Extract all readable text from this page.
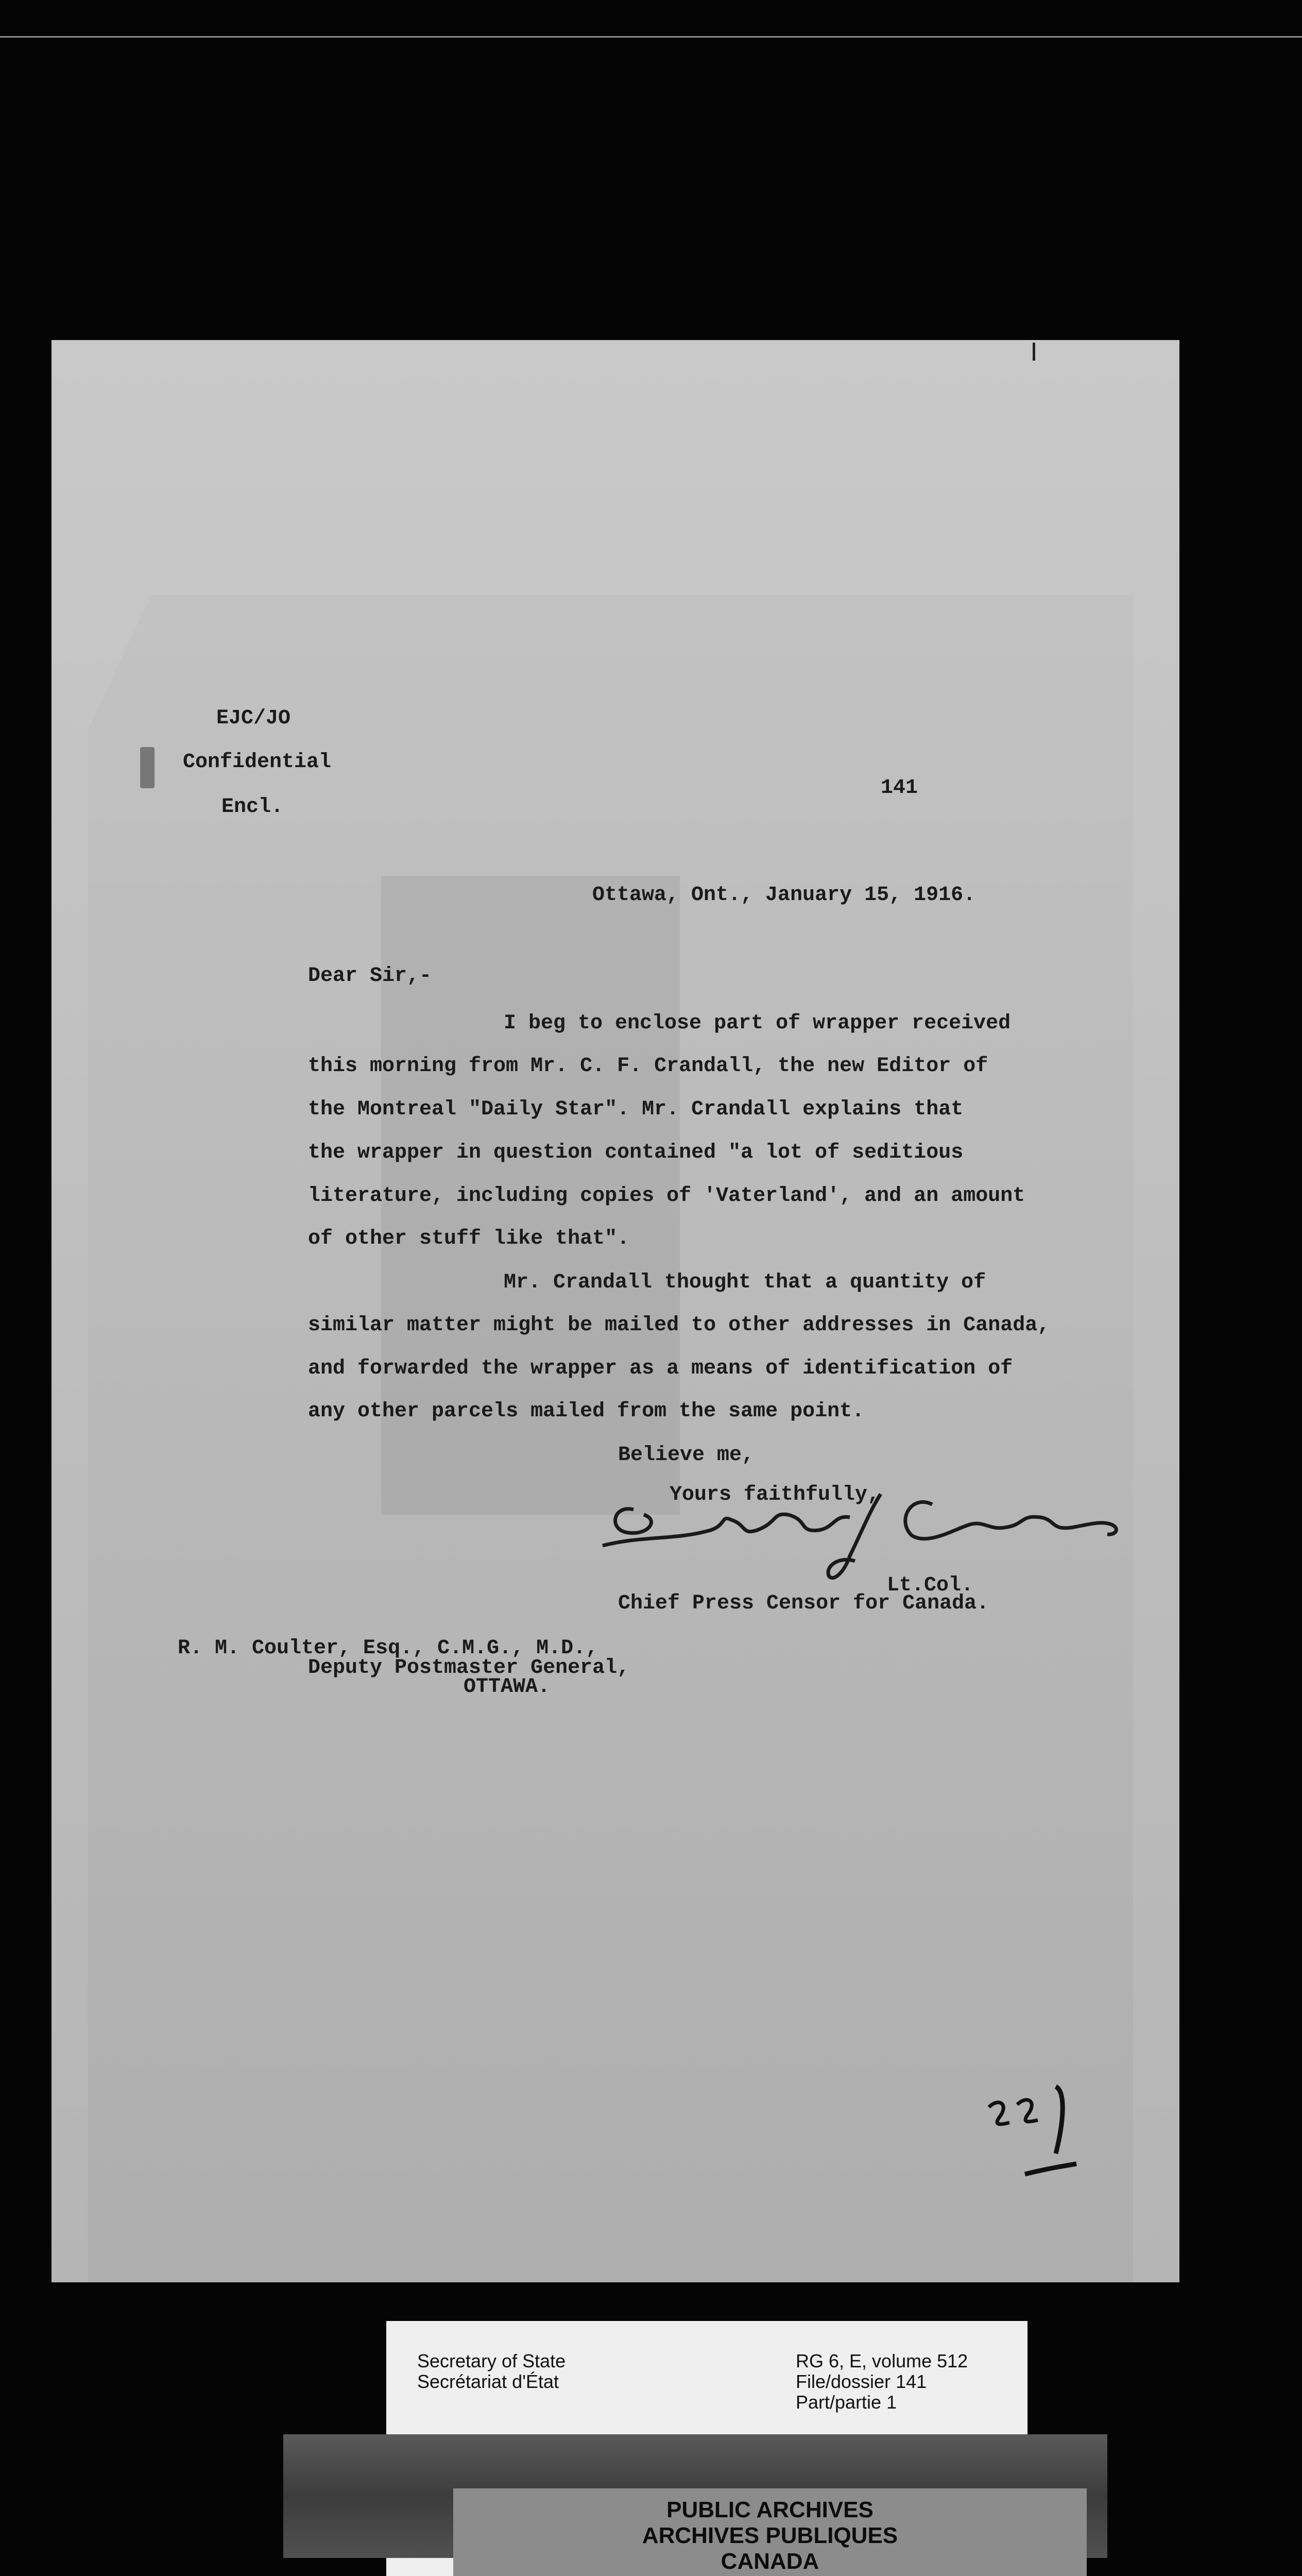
EJC/JO
Confidential
Encl.
141
Ottawa, Ont., January 15, 1916.
Dear Sir,-
I beg to enclose part of wrapper received
this morning from Mr. C. F. Crandall, the new Editor of
the Montreal "Daily Star". Mr. Crandall explains that
the wrapper in question contained "a lot of seditious
literature, including copies of 'Vaterland', and an amount
of other stuff like that".
Mr. Crandall thought that a quantity of
similar matter might be mailed to other addresses in Canada,
and forwarded the wrapper as a means of identification of
any other parcels mailed from the same point.
Believe me,
Yours faithfully,
Lt.Col.
Chief Press Censor for Canada.
R. M. Coulter, Esq., C.M.G., M.D.,
Deputy Postmaster General,
OTTAWA.
Secretary of State
Secrétariat d'État
RG 6, E, volume 512
File/dossier 141
Part/partie 1
PUBLIC ARCHIVES
ARCHIVES PUBLIQUES
CANADA
